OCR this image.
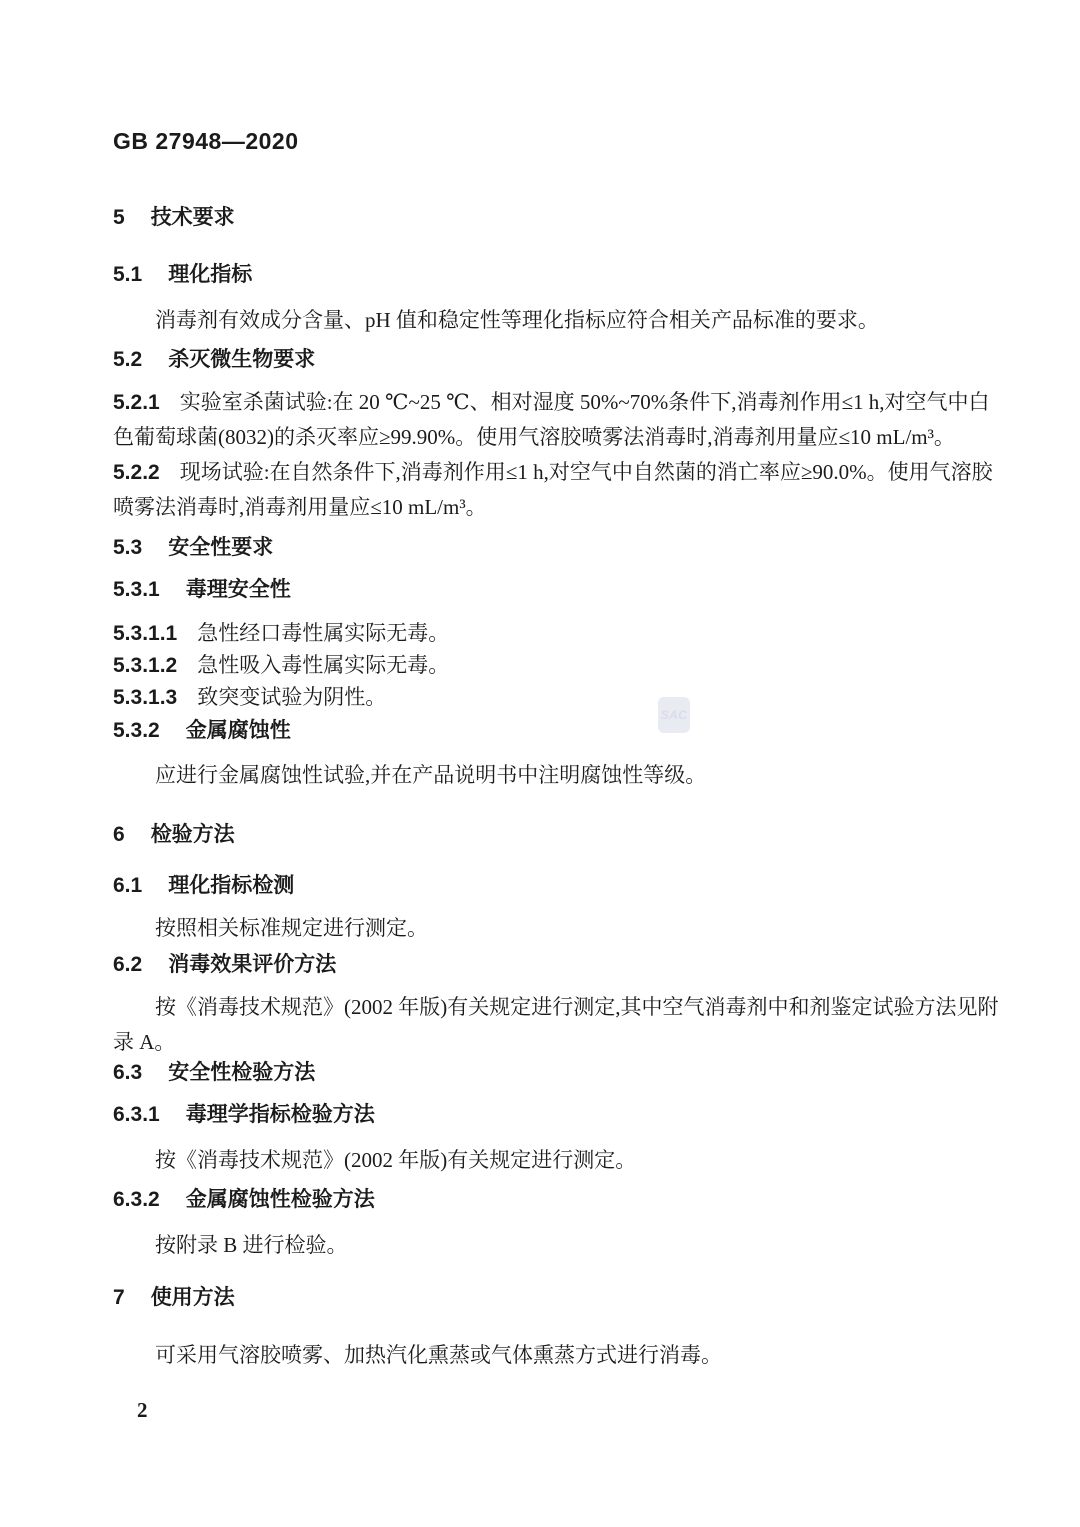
GB 27948—2020
5 技术要求
5.1 理化指标
消毒剂有效成分含量、pH 值和稳定性等理化指标应符合相关产品标准的要求。
5.2 杀灭微生物要求
5.2.1 实验室杀菌试验:在 20 ℃~25 ℃、相对湿度 50%~70%条件下,消毒剂作用≤1 h,对空气中白
色葡萄球菌(8032)的杀灭率应≥99.90%。使用气溶胶喷雾法消毒时,消毒剂用量应≤10 mL/m³。
5.2.2 现场试验:在自然条件下,消毒剂作用≤1 h,对空气中自然菌的消亡率应≥90.0%。使用气溶胶
喷雾法消毒时,消毒剂用量应≤10 mL/m³。
5.3 安全性要求
5.3.1 毒理安全性
5.3.1.1 急性经口毒性属实际无毒。
5.3.1.2 急性吸入毒性属实际无毒。
5.3.1.3 致突变试验为阴性。
5.3.2 金属腐蚀性
SAC
应进行金属腐蚀性试验,并在产品说明书中注明腐蚀性等级。
6 检验方法
6.1 理化指标检测
按照相关标准规定进行测定。
6.2 消毒效果评价方法
按《消毒技术规范》(2002 年版)有关规定进行测定,其中空气消毒剂中和剂鉴定试验方法见附
录 A。
6.3 安全性检验方法
6.3.1 毒理学指标检验方法
按《消毒技术规范》(2002 年版)有关规定进行测定。
6.3.2 金属腐蚀性检验方法
按附录 B 进行检验。
7 使用方法
可采用气溶胶喷雾、加热汽化熏蒸或气体熏蒸方式进行消毒。
2
